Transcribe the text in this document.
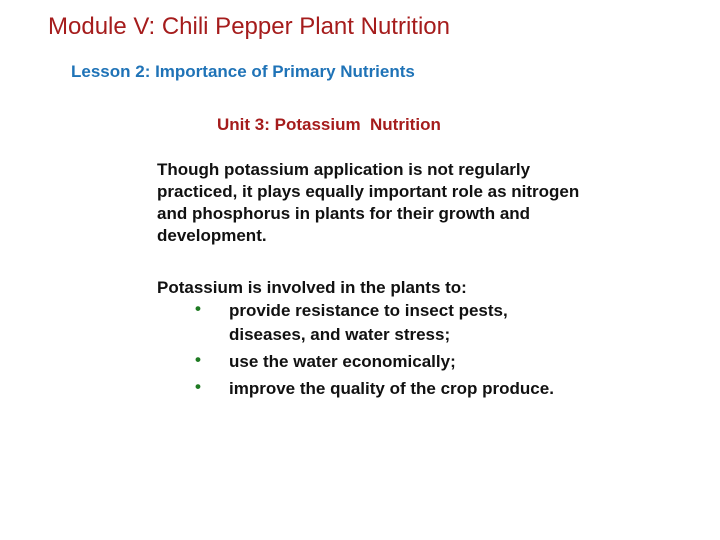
Module V: Chili Pepper Plant Nutrition
Lesson 2: Importance of Primary Nutrients
Unit 3: Potassium  Nutrition

Though potassium application is not regularly practiced, it plays equally important role as nitrogen and phosphorus in plants for their growth and development.

Potassium is involved in the plants to:

• provide resistance to insect pests, diseases, and water stress;
• use the water economically;
• improve the quality of the crop produce.
